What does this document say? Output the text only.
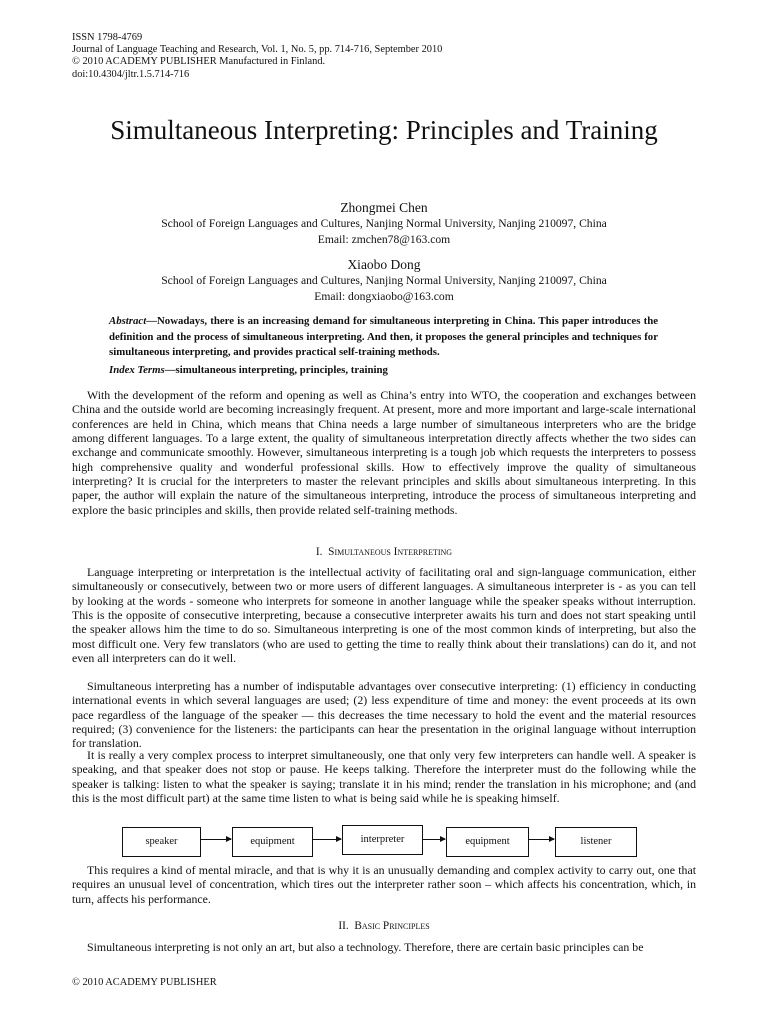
ISSN 1798-4769
Journal of Language Teaching and Research, Vol. 1, No. 5, pp. 714-716, September 2010
© 2010 ACADEMY PUBLISHER Manufactured in Finland.
doi:10.4304/jltr.1.5.714-716
Simultaneous Interpreting: Principles and Training
Zhongmei Chen
School of Foreign Languages and Cultures, Nanjing Normal University, Nanjing 210097, China
Email: zmchen78@163.com
Xiaobo Dong
School of Foreign Languages and Cultures, Nanjing Normal University, Nanjing 210097, China
Email: dongxiaobo@163.com

Abstract—Nowadays, there is an increasing demand for simultaneous interpreting in China. This paper introduces the definition and the process of simultaneous interpreting. And then, it proposes the general principles and techniques for simultaneous interpreting, and provides practical self-training methods.

Index Terms—simultaneous interpreting, principles, training

With the development of the reform and opening as well as China’s entry into WTO, the cooperation and exchanges between China and the outside world are becoming increasingly frequent. At present, more and more important and large-scale international conferences are held in China, which means that China needs a large number of simultaneous interpreters who are the bridge among different languages. To a large extent, the quality of simultaneous interpretation directly affects whether the two sides can exchange and communicate smoothly. However, simultaneous interpreting is a tough job which requests the interpreters to possess high comprehensive quality and wonderful professional skills. How to effectively improve the quality of simultaneous interpreting? It is crucial for the interpreters to master the relevant principles and skills about simultaneous interpreting. In this paper, the author will explain the nature of the simultaneous interpreting, introduce the process of simultaneous interpreting and explore the basic principles and skills, then provide related self-training methods.

I. Simultaneous Interpreting

Language interpreting or interpretation is the intellectual activity of facilitating oral and sign-language communication, either simultaneously or consecutively, between two or more users of different languages. A simultaneous interpreter is - as you can tell by looking at the words - someone who interprets for someone in another language while the speaker speaks without interruption. This is the opposite of consecutive interpreting, because a consecutive interpreter awaits his turn and does not start speaking until the speaker allows him the time to do so. Simultaneous interpreting is one of the most common kinds of interpreting, but also the most difficult one. Very few translators (who are used to getting the time to really think about their translations) can do it, and not even all interpreters can do it well.

Simultaneous interpreting has a number of indisputable advantages over consecutive interpreting: (1) efficiency in conducting international events in which several languages are used; (2) less expenditure of time and money: the event proceeds at its own pace regardless of the language of the speaker — this decreases the time necessary to hold the event and the material resources required; (3) convenience for the listeners: the participants can hear the presentation in the original language without interruption for translation.

It is really a very complex process to interpret simultaneously, one that only very few interpreters can handle well. A speaker is speaking, and that speaker does not stop or pause. He keeps talking. Therefore the interpreter must do the following while the speaker is talking: listen to what the speaker is saying; translate it in his mind; render the translation in his microphone; and (and this is the most difficult part) at the same time listen to what is being said while he is speaking himself.

speaker	equipment	interpreter	equipment	listener

This requires a kind of mental miracle, and that is why it is an unusually demanding and complex activity to carry out, one that requires an unusual level of concentration, which tires out the interpreter rather soon – which affects his concentration, which, in turn, affects his performance.

II. Basic Principles

Simultaneous interpreting is not only an art, but also a technology. Therefore, there are certain basic principles can be

© 2010 ACADEMY PUBLISHER
